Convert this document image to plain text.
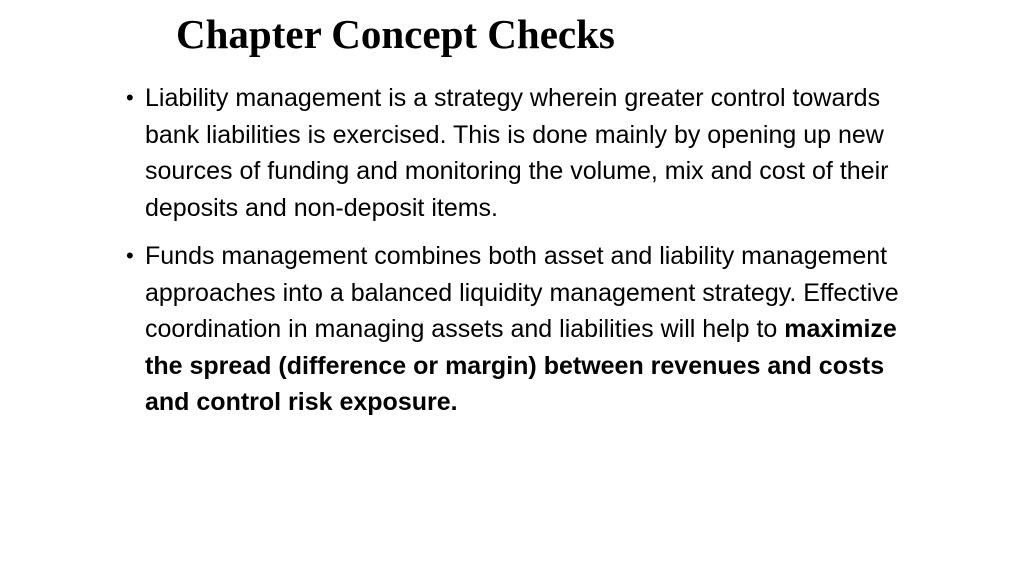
Chapter Concept Checks
• Liability management is a strategy wherein greater control towards bank liabilities is exercised. This is done mainly by opening up new sources of funding and monitoring the volume, mix and cost of their deposits and non-deposit items.
• Funds management combines both asset and liability management approaches into a balanced liquidity management strategy. Effective coordination in managing assets and liabilities will help to maximize the spread (difference or margin) between revenues and costs and control risk exposure.
